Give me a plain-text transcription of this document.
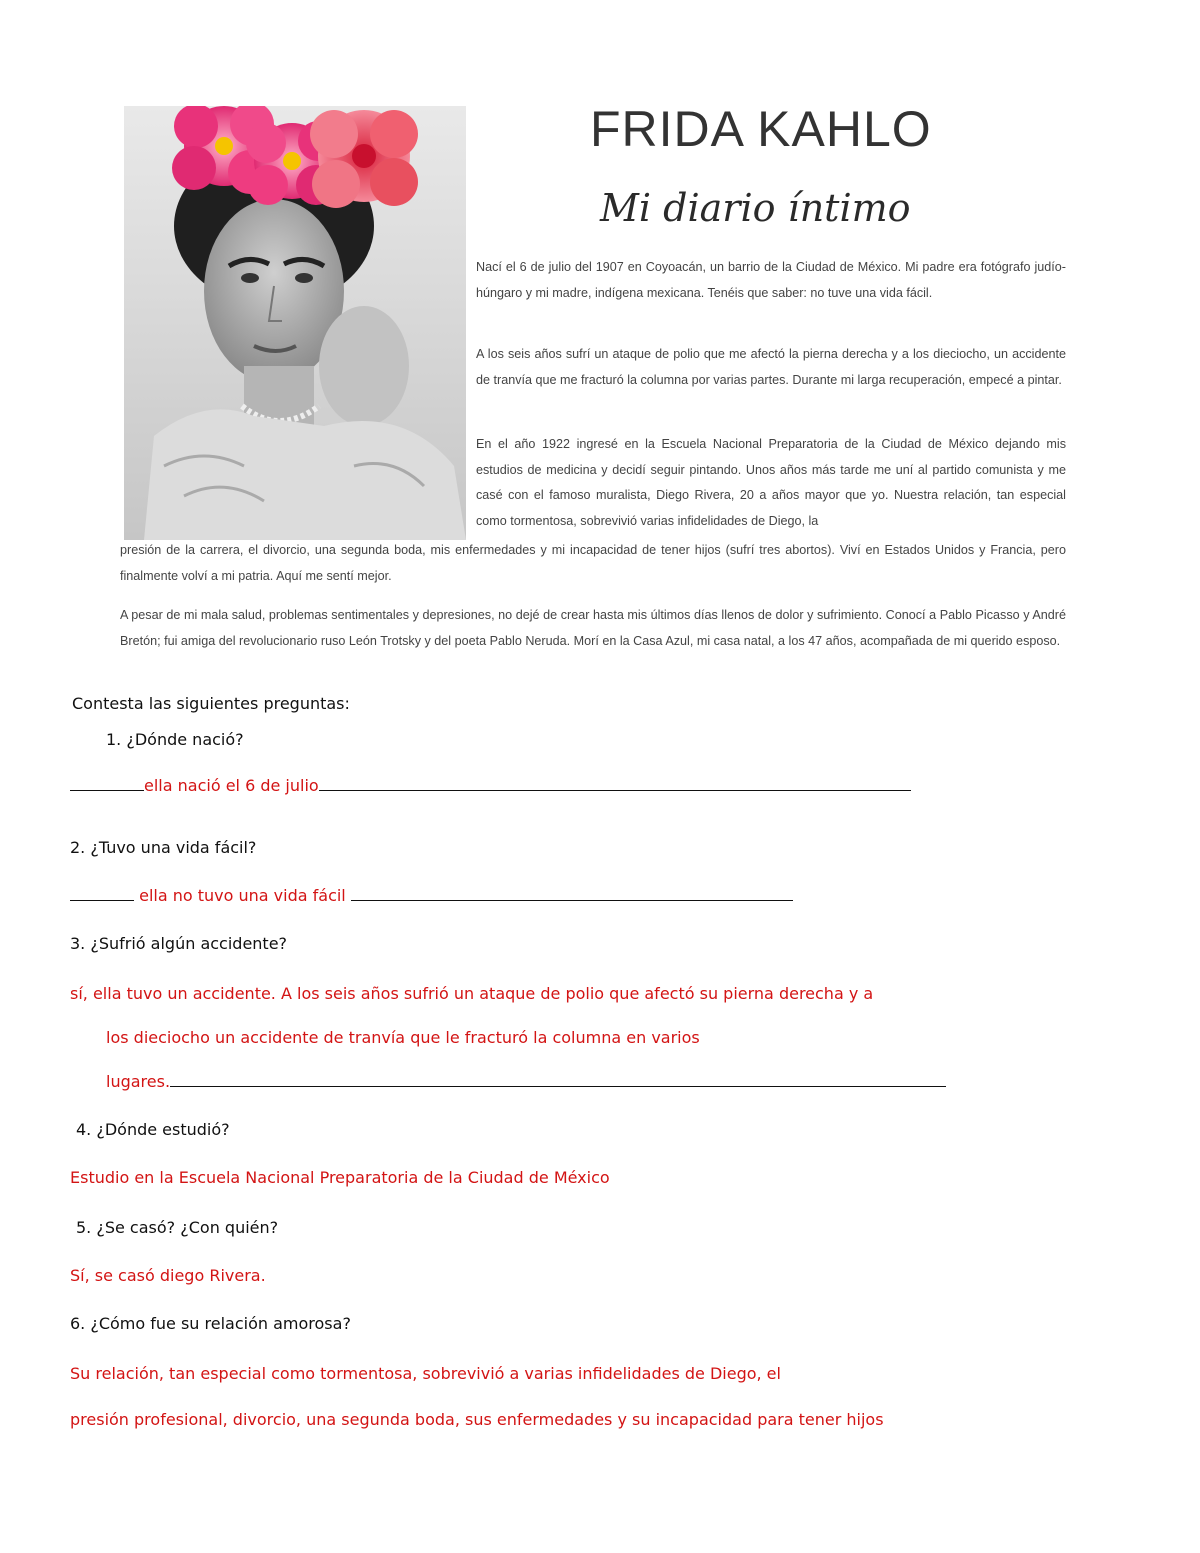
FRIDA KAHLO
Mi diario íntimo
Nací el 6 de julio del 1907 en Coyoacán, un barrio de la Ciudad de México. Mi padre era fotógrafo judío-húngaro y mi madre, indígena mexicana. Tenéis que saber: no tuve una vida fácil.
A los seis años sufrí un ataque de polio que me afectó la pierna derecha y a los dieciocho, un accidente de tranvía que me fracturó la columna por varias partes. Durante mi larga recuperación, empecé a pintar.
En el año 1922 ingresé en la Escuela Nacional Preparatoria de la Ciudad de México dejando mis estudios de medicina y decidí seguir pintando. Unos años más tarde me uní al partido comunista y me casé con el famoso muralista, Diego Rivera, 20 a años mayor que yo. Nuestra relación, tan especial como tormentosa, sobrevivió varias infidelidades de Diego, la
presión de la carrera, el divorcio, una segunda boda, mis enfermedades y mi incapacidad de tener hijos (sufrí tres abortos). Viví en Estados Unidos y Francia, pero finalmente volví a mi patria. Aquí me sentí mejor.
A pesar de mi mala salud, problemas sentimentales y depresiones, no dejé de crear hasta mis últimos días llenos de dolor y sufrimiento. Conocí a Pablo Picasso y André Bretón; fui amiga del revolucionario ruso León Trotsky y del poeta Pablo Neruda. Morí en la Casa Azul, mi casa natal, a los 47 años, acompañada de mi querido esposo.
Contesta las siguientes preguntas:
1. ¿Dónde nació?
ella nació el 6 de julio
2. ¿Tuvo una vida fácil?
ella no tuvo una vida fácil
3. ¿Sufrió algún accidente?
sí, ella tuvo un accidente. A los seis años sufrió un ataque de polio que afectó su pierna derecha y a
los dieciocho un accidente de tranvía que le fracturó la columna en varios
lugares.
4. ¿Dónde estudió?
Estudio en la Escuela Nacional Preparatoria de la Ciudad de México
5. ¿Se casó? ¿Con quién?
Sí, se casó diego Rivera.
6. ¿Cómo fue su relación amorosa?
Su relación, tan especial como tormentosa, sobrevivió a varias infidelidades de Diego, el
presión profesional, divorcio, una segunda boda, sus enfermedades y su incapacidad para tener hijos
